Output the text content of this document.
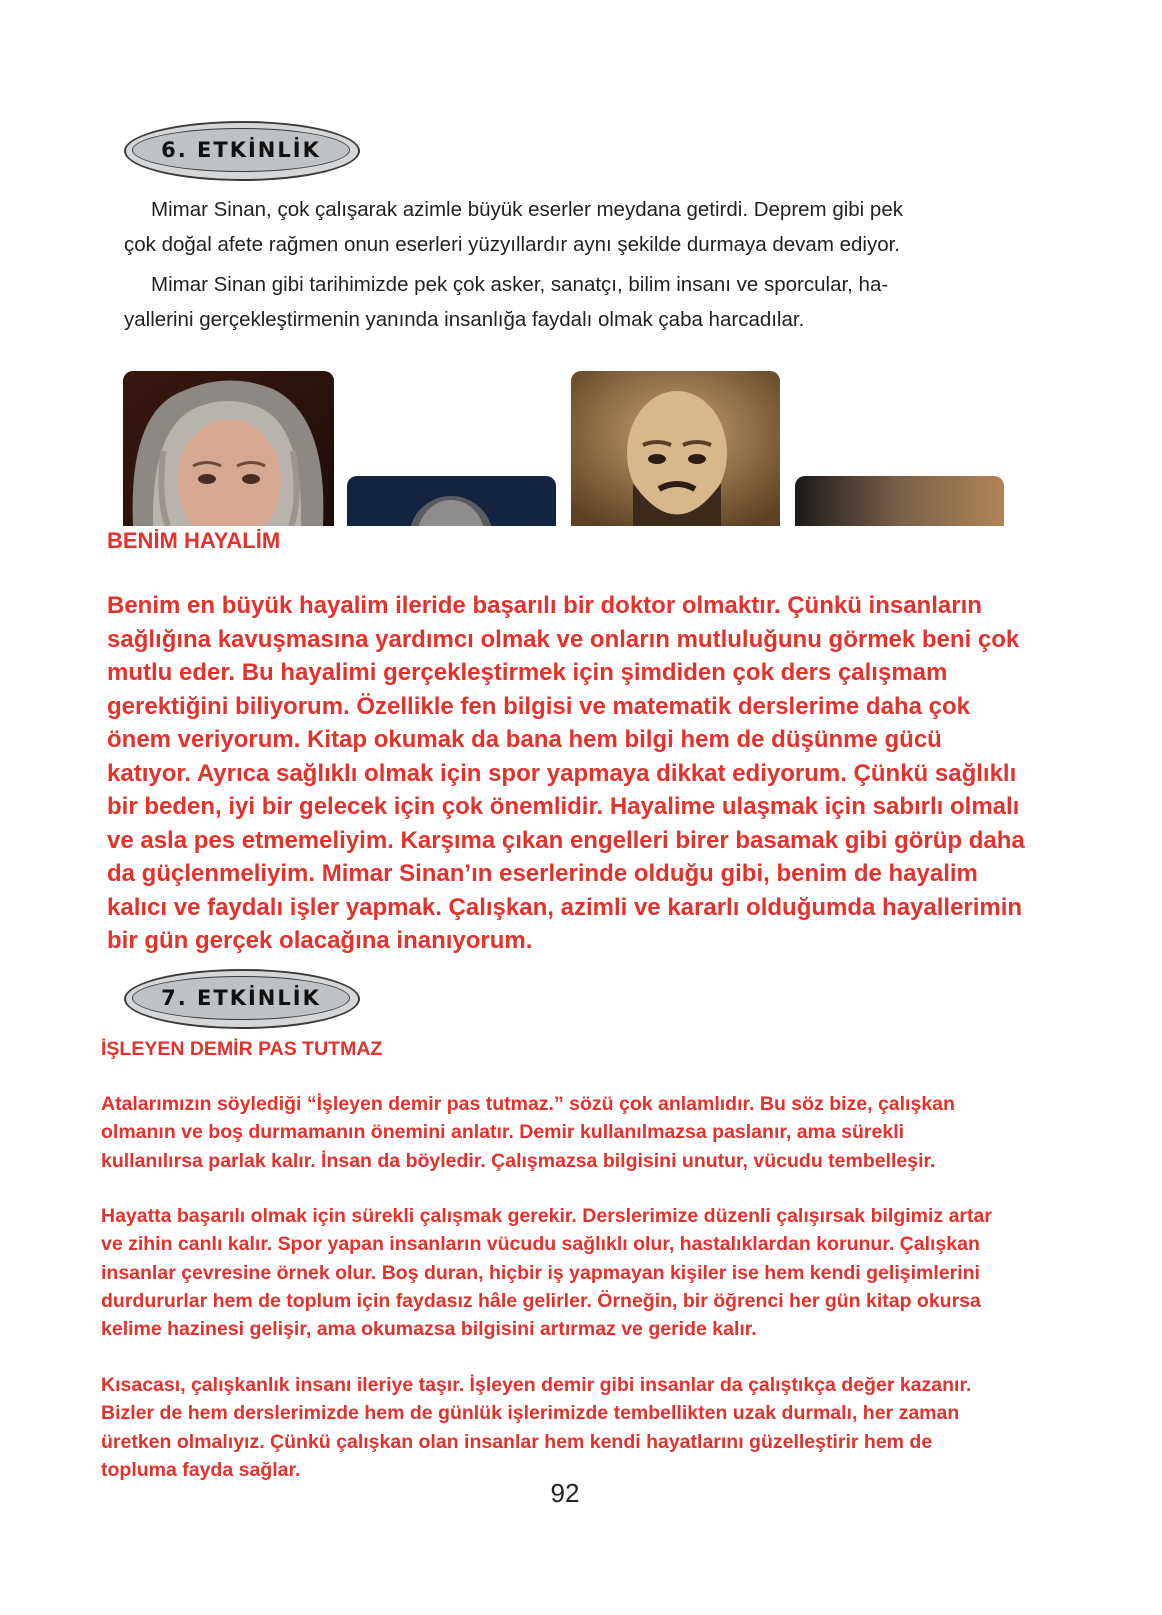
6. ETKİNLİK
Mimar Sinan, çok çalışarak azimle büyük eserler meydana getirdi. Deprem gibi pek
çok doğal afete rağmen onun eserleri yüzyıllardır aynı şekilde durmaya devam ediyor.
Mimar Sinan gibi tarihimizde pek çok asker, sanatçı, bilim insanı ve sporcular, ha-
yallerini gerçekleştirmenin yanında insanlığa faydalı olmak çaba harcadılar.
BENİM HAYALİM
Benim en büyük hayalim ileride başarılı bir doktor olmaktır. Çünkü insanların
sağlığına kavuşmasına yardımcı olmak ve onların mutluluğunu görmek beni çok
mutlu eder. Bu hayalimi gerçekleştirmek için şimdiden çok ders çalışmam
gerektiğini biliyorum. Özellikle fen bilgisi ve matematik derslerime daha çok
önem veriyorum. Kitap okumak da bana hem bilgi hem de düşünme gücü
katıyor. Ayrıca sağlıklı olmak için spor yapmaya dikkat ediyorum. Çünkü sağlıklı
bir beden, iyi bir gelecek için çok önemlidir. Hayalime ulaşmak için sabırlı olmalı
ve asla pes etmemeliyim. Karşıma çıkan engelleri birer basamak gibi görüp daha
da güçlenmeliyim. Mimar Sinan’ın eserlerinde olduğu gibi, benim de hayalim
kalıcı ve faydalı işler yapmak. Çalışkan, azimli ve kararlı olduğumda hayallerimin
bir gün gerçek olacağına inanıyorum.
7. ETKİNLİK
İŞLEYEN DEMİR PAS TUTMAZ
Atalarımızın söylediği “İşleyen demir pas tutmaz.” sözü çok anlamlıdır. Bu söz bize, çalışkan
olmanın ve boş durmamanın önemini anlatır. Demir kullanılmazsa paslanır, ama sürekli
kullanılırsa parlak kalır. İnsan da böyledir. Çalışmazsa bilgisini unutur, vücudu tembelleşir.
Hayatta başarılı olmak için sürekli çalışmak gerekir. Derslerimize düzenli çalışırsak bilgimiz artar
ve zihin canlı kalır. Spor yapan insanların vücudu sağlıklı olur, hastalıklardan korunur. Çalışkan
insanlar çevresine örnek olur. Boş duran, hiçbir iş yapmayan kişiler ise hem kendi gelişimlerini
durdururlar hem de toplum için faydasız hâle gelirler. Örneğin, bir öğrenci her gün kitap okursa
kelime hazinesi gelişir, ama okumazsa bilgisini artırmaz ve geride kalır.
Kısacası, çalışkanlık insanı ileriye taşır. İşleyen demir gibi insanlar da çalıştıkça değer kazanır.
Bizler de hem derslerimizde hem de günlük işlerimizde tembellikten uzak durmalı, her zaman
üretken olmalıyız. Çünkü çalışkan olan insanlar hem kendi hayatlarını güzelleştirir hem de
topluma fayda sağlar.
92
